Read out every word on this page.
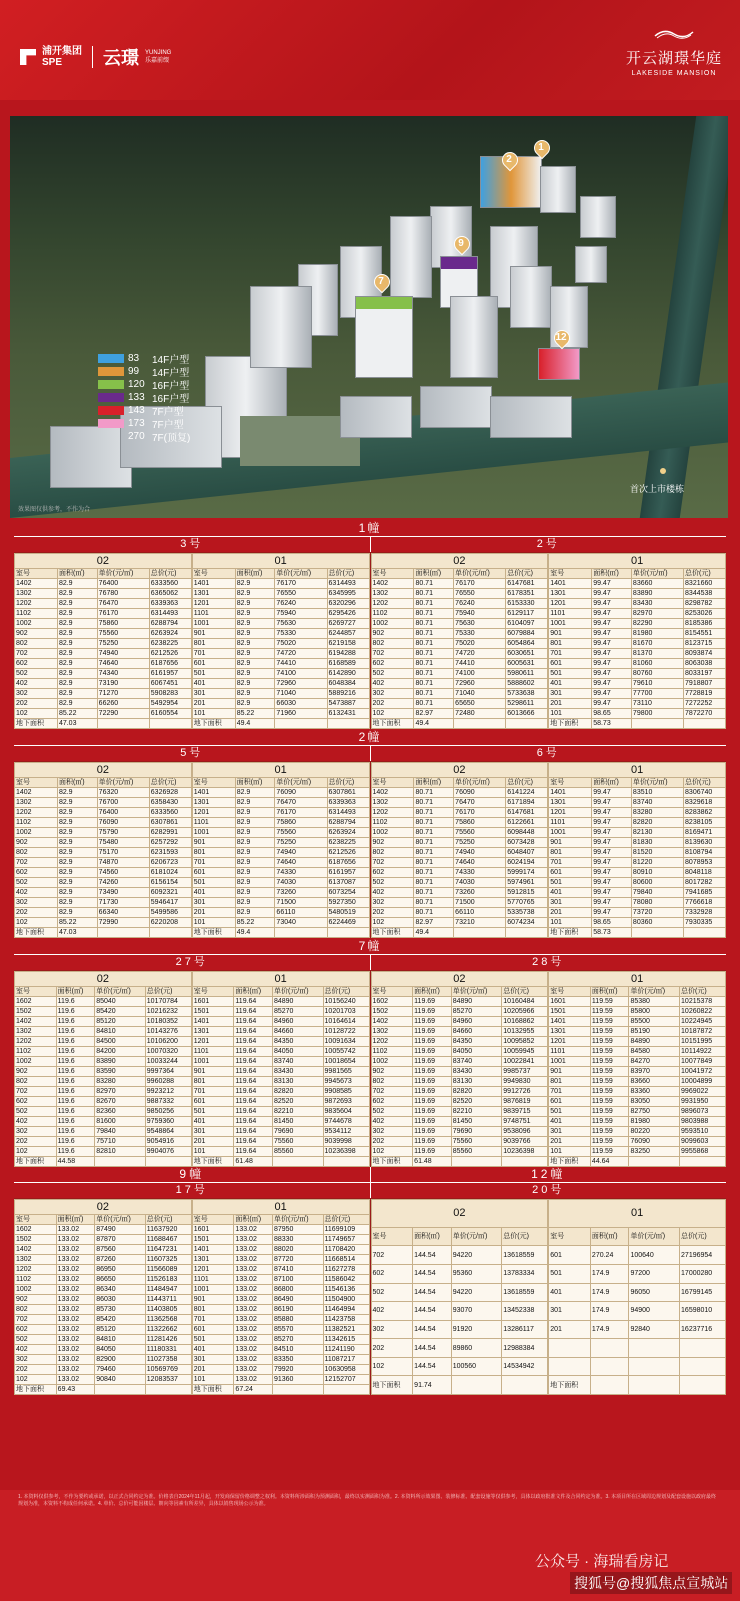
浦开集团
SPE	云璟 YUNJING
乐嘉前缀	开云湖璟华庭
LAKESIDE MANSION
1
2
9
7
12
83	14F户型
99	14F户型
120 16F户型
133 16F户型
143 7F户型
173 7F户型
270 7F(顶复)
首次上市楼栋
效果图仅供参考，不作为合
1幢
3号	2号
02			
室号	面积(㎡)	单价(元/㎡)	总价(元)
1402	82.9	76400	6333560
1302	82.9	76780	6365062
1202	82.9	76470	6339363
1102	82.9	76170	6314493
1002	82.9	75860	6288794
902	82.9	75560	6263924
802	82.9	75250	6238225
702	82.9	74940	6212526
602	82.9	74640	6187656
502	82.9	74340	6161957
402	82.9	73190	6067451
302	82.9	71270	5908283
202	82.9	66260	5492954
102	85.22	72290	6160554
地下面积	47.03		
01			
室号	面积(㎡)	单价(元/㎡)	总价(元)
1401	82.9	76170	6314493
1301	82.9	76550	6345995
1201	82.9	76240	6320296
1101	82.9	75940	6295426
1001	82.9	75630	6269727
901	82.9	75330	6244857
801	82.9	75020	6219158
701	82.9	74720	6194288
601	82.9	74410	6168589
501	82.9	74100	6142890
401	82.9	72960	6048384
301	82.9	71040	5889216
201	82.9	66030	5473887
101	85.22	71960	6132431
地下面积	49.4		
02			
室号	面积(㎡)	单价(元/㎡)	总价(元)
1402	80.71	76170	6147681
1302	80.71	76550	6178351
1202	80.71	76240	6153330
1102	80.71	75940	6129117
1002	80.71	75630	6104097
902	80.71	75330	6079884
802	80.71	75020	6054864
702	80.71	74720	6030651
602	80.71	74410	6005631
502	80.71	74100	5980611
402	80.71	72960	5888602
302	80.71	71040	5733638
202	80.71	65650	5298611
102	82.97	72480	6013666
地下面积	49.4		
01			
室号	面积(㎡)	单价(元/㎡)	总价(元)
1401	99.47	83660	8321660
1301	99.47	83890	8344538
1201	99.47	83430	8298782
1101	99.47	82970	8253026
1001	99.47	82290	8185386
901	99.47	81980	8154551
801	99.47	81670	8123715
701	99.47	81370	8093874
601	99.47	81060	8063038
501	99.47	80760	8033197
401	99.47	79610	7918807
301	99.47	77700	7728819
201	99.47	73110	7272252
101	98.65	79800	7872270
地下面积	58.73		
2幢
5号	6号
02			
室号	面积(㎡)	单价(元/㎡)	总价(元)
1402	82.9	76320	6326928
1302	82.9	76700	6358430
1202	82.9	76400	6333560
1102	82.9	76090	6307861
1002	82.9	75790	6282991
902	82.9	75480	6257292
802	82.9	75170	6231593
702	82.9	74870	6206723
602	82.9	74560	6181024
502	82.9	74260	6156154
402	82.9	73490	6092321
302	82.9	71730	5946417
202	82.9	66340	5499586
102	85.22	72990	6220208
地下面积	47.03		
01			
室号	面积(㎡)	单价(元/㎡)	总价(元)
1401	82.9	76090	6307861
1301	82.9	76470	6339363
1201	82.9	76170	6314493
1101	82.9	75860	6288794
1001	82.9	75560	6263924
901	82.9	75250	6238225
801	82.9	74940	6212526
701	82.9	74640	6187656
601	82.9	74330	6161957
501	82.9	74030	6137087
401	82.9	73260	6073254
301	82.9	71500	5927350
201	82.9	66110	5480519
101	85.22	73040	6224469
地下面积	49.4		
02			
室号	面积(㎡)	单价(元/㎡)	总价(元)
1402	80.71	76090	6141224
1302	80.71	76470	6171894
1202	80.71	76170	6147681
1102	80.71	75860	6122661
1002	80.71	75560	6098448
902	80.71	75250	6073428
802	80.71	74940	6048407
702	80.71	74640	6024194
602	80.71	74330	5999174
502	80.71	74030	5974961
402	80.71	73260	5912815
302	80.71	71500	5770765
202	80.71	66110	5335738
102	82.97	73210	6074234
地下面积	49.4		
01			
室号	面积(㎡)	单价(元/㎡)	总价(元)
1401	99.47	83510	8306740
1301	99.47	83740	8329618
1201	99.47	83280	8283862
1101	99.47	82820	8238105
1001	99.47	82130	8169471
901	99.47	81830	8139630
801	99.47	81520	8108794
701	99.47	81220	8078953
601	99.47	80910	8048118
501	99.47	80600	8017282
401	99.47	79840	7941685
301	99.47	78080	7766618
201	99.47	73720	7332928
101	98.65	80360	7930335
地下面积	58.73		
7幢
27号	28号
02			
室号	面积(㎡)	单价(元/㎡)	总价(元)
1602	119.6	85040	10170784
1502	119.6	85420	10216232
1402	119.6	85120	10180352
1302	119.6	84810	10143276
1202	119.6	84500	10106200
1102	119.6	84200	10070320
1002	119.6	83890	10033244
902	119.6	83590	9997364
802	119.6	83280	9960288
702	119.6	82970	9923212
602	119.6	82670	9887332
502	119.6	82360	9850256
402	119.6	81600	9759360
302	119.6	79840	9548864
202	119.6	75710	9054916
102	119.6	82810	9904076
地下面积	44.58		
01			
室号	面积(㎡)	单价(元/㎡)	总价(元)
1601	119.64	84890	10156240
1501	119.64	85270	10201703
1401	119.64	84960	10164614
1301	119.64	84660	10128722
1201	119.64	84350	10091634
1101	119.64	84050	10055742
1001	119.64	83740	10018654
901	119.64	83430	9981565
801	119.64	83130	9945673
701	119.64	82820	9908585
601	119.64	82520	9872693
501	119.64	82210	9835604
401	119.64	81450	9744678
301	119.64	79690	9534112
201	119.64	75560	9039998
101	119.64	85560	10236398
地下面积	61.48		
02			
室号	面积(㎡)	单价(元/㎡)	总价(元)
1602	119.69	84890	10160484
1502	119.69	85270	10205966
1402	119.69	84960	10168862
1302	119.69	84660	10132955
1202	119.69	84350	10095852
1102	119.69	84050	10059945
1002	119.69	83740	10022841
902	119.69	83430	9985737
802	119.69	83130	9949830
702	119.69	82820	9912726
602	119.69	82520	9876819
502	119.69	82210	9839715
402	119.69	81450	9748751
302	119.69	79690	9538096
202	119.69	75560	9039766
102	119.69	85560	10236398
地下面积	61.48		
01			
室号	面积(㎡)	单价(元/㎡)	总价(元)
1601	119.59	85380	10215378
1501	119.59	85800	10260822
1401	119.59	85500	10224945
1301	119.59	85190	10187872
1201	119.59	84890	10151995
1101	119.59	84580	10114922
1001	119.59	84270	10077849
901	119.59	83970	10041972
801	119.59	83660	10004899
701	119.59	83360	9969022
601	119.59	83050	9931950
501	119.59	82750	9896073
401	119.59	81980	9803988
301	119.59	80220	9593510
201	119.59	76090	9099603
101	119.59	83250	9955868
地下面积	44.64		
9幢	12幢
17号	20号
02			
室号	面积(㎡)	单价(元/㎡)	总价(元)
1602	133.02	87490	11637920
1502	133.02	87870	11688467
1402	133.02	87560	11647231
1302	133.02	87260	11607325
1202	133.02	86950	11566089
1102	133.02	86650	11526183
1002	133.02	86340	11484947
902	133.02	86030	11443711
802	133.02	85730	11403805
702	133.02	85420	11362568
602	133.02	85120	11322662
502	133.02	84810	11281426
402	133.02	84050	11180331
302	133.02	82900	11027358
202	133.02	79460	10569769
102	133.02	90840	12083537
地下面积	69.43		
01			
室号	面积(㎡)	单价(元/㎡)	总价(元)
1601	133.02	87950	11699109
1501	133.02	88330	11749657
1401	133.02	88020	11708420
1301	133.02	87720	11668514
1201	133.02	87410	11627278
1101	133.02	87100	11586042
1001	133.02	86800	11546136
901	133.02	86490	11504900
801	133.02	86190	11464994
701	133.02	85880	11423758
601	133.02	85570	11382521
501	133.02	85270	11342615
401	133.02	84510	11241190
301	133.02	83350	11087217
201	133.02	79920	10630958
101	133.02	91360	12152707
地下面积	67.24		
02			
室号	面积(㎡)	单价(元/㎡)	总价(元)
702	144.54	94220	13618559
602	144.54	95360	13783334
502	144.54	94220	13618559
402	144.54	93070	13452338
302	144.54	91920	13286117
202	144.54	89860	12988384
102	144.54	100560	14534942
地下面积	91.74		
01			
室号	面积(㎡)	单价(元/㎡)	总价(元)
601	270.24	100640	27196954
501	174.9	97200	17000280
401	174.9	96050	16799145
301	174.9	94900	16598010
201	174.9	92840	16237716

地下面积			
1. 本资料仅供参考，不作为要约或承诺，以正式合同约定为准。价格表自2024年11月起，开发商保留价格调整之权利。本资料所涉面积为预测面积，最终以实测面积为准。2. 本资料所示效果图、装修标准、配套设施等仅供参考，具体以政府批准文件及合同约定为准。3. 本项目所在区域周边规划及配套设施以政府最终规划为准，本资料不构成任何承诺。4. 单价、总价可能因楼层、朝向等因素有所差异，具体以销售现场公示为准。
公众号 · 海瑞看房记
搜狐号@搜狐焦点宣城站
